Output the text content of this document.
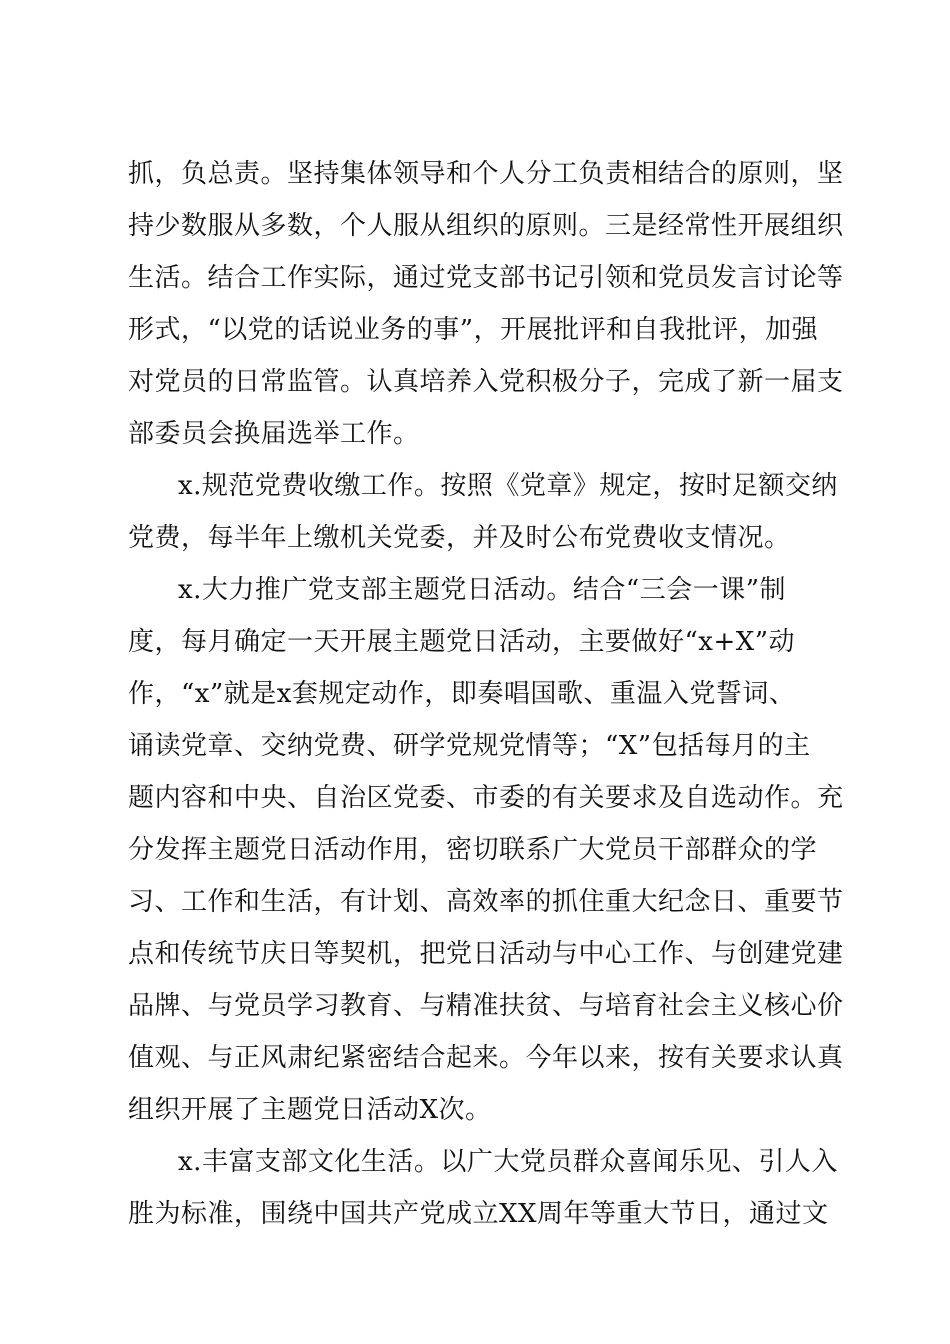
抓，负总责。坚持集体领导和个人分工负责相结合的原则，坚
持少数服从多数，个人服从组织的原则。三是经常性开展组织
生活。结合工作实际，通过党支部书记引领和党员发言讨论等
形式，“以党的话说业务的事”，开展批评和自我批评，加强
对党员的日常监管。认真培养入党积极分子，完成了新一届支
部委员会换届选举工作。
x.规范党费收缴工作。按照《党章》规定，按时足额交纳
党费，每半年上缴机关党委，并及时公布党费收支情况。
x.大力推广党支部主题党日活动。结合“三会一课”制
度，每月确定一天开展主题党日活动，主要做好“x+X”动
作，“x”就是x套规定动作，即奏唱国歌、重温入党誓词、
诵读党章、交纳党费、研学党规党情等；“X”包括每月的主
题内容和中央、自治区党委、市委的有关要求及自选动作。充
分发挥主题党日活动作用，密切联系广大党员干部群众的学
习、工作和生活，有计划、高效率的抓住重大纪念日、重要节
点和传统节庆日等契机，把党日活动与中心工作、与创建党建
品牌、与党员学习教育、与精准扶贫、与培育社会主义核心价
值观、与正风肃纪紧密结合起来。今年以来，按有关要求认真
组织开展了主题党日活动X次。
x.丰富支部文化生活。以广大党员群众喜闻乐见、引人入
胜为标准，围绕中国共产党成立XX周年等重大节日，通过文
